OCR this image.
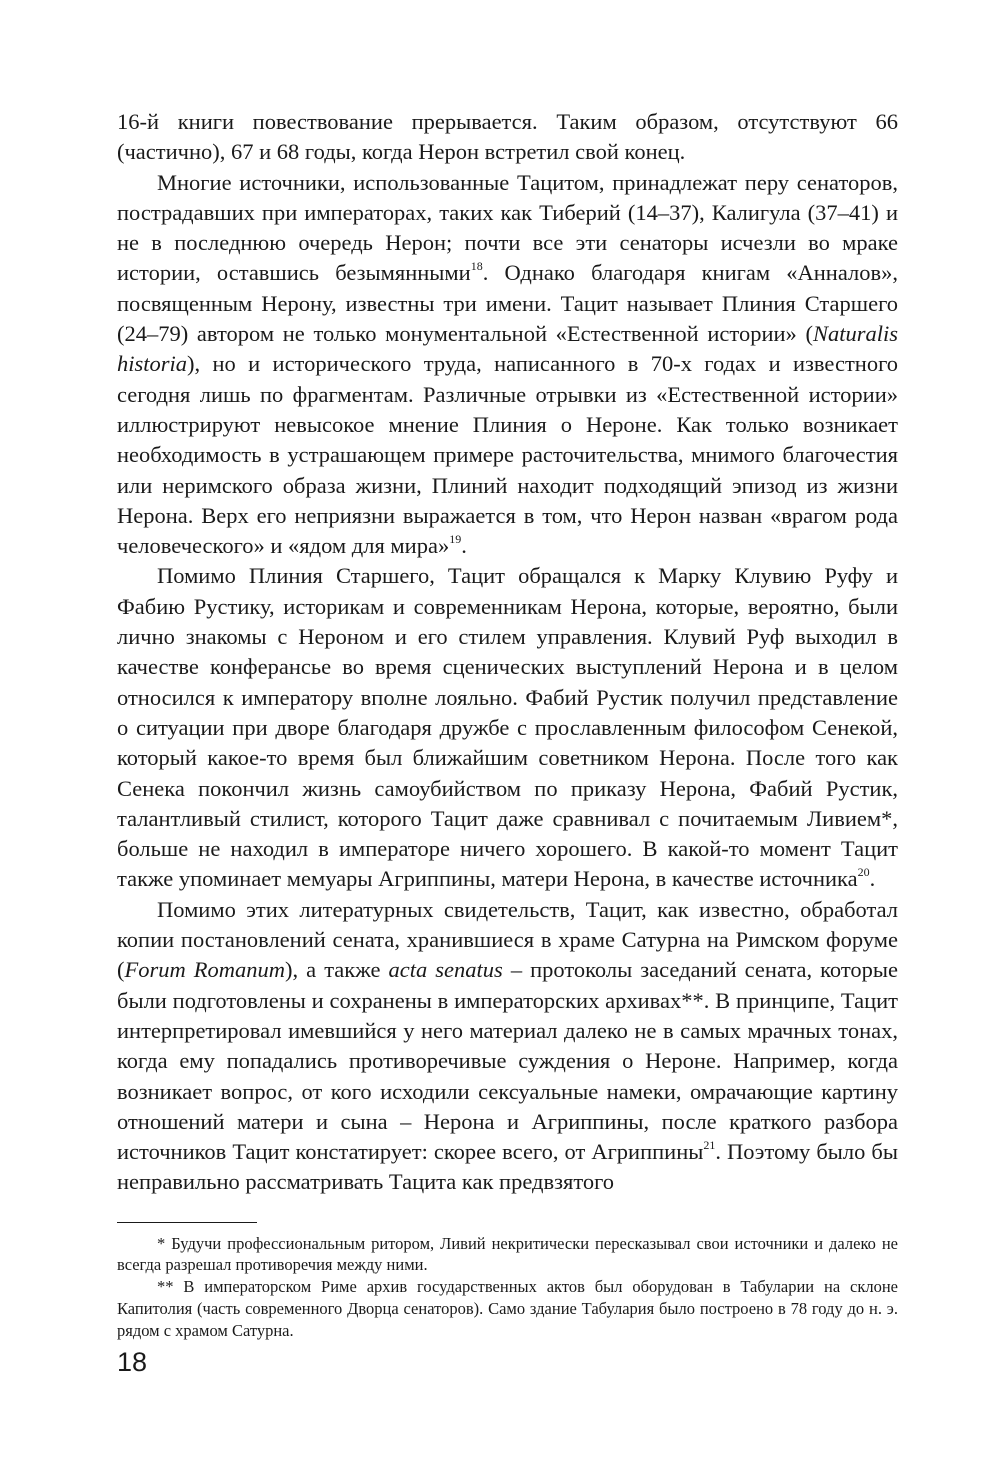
16-й книги повествование прерывается. Таким образом, отсутствуют 66 (частично), 67 и 68 годы, когда Нерон встретил свой конец.

Многие источники, использованные Тацитом, принадлежат перу сенаторов, пострадавших при императорах, таких как Тиберий (14–37), Калигула (37–41) и не в последнюю очередь Нерон; почти все эти сенаторы исчезли во мраке истории, оставшись безымянными$^{18}$. Однако благодаря книгам «Анналов», посвященным Нерону, известны три имени. Тацит называет Плиния Старшего (24–79) автором не только монументальной «Естественной истории» (Naturalis historia), но и исторического труда, написанного в 70-х годах и известного сегодня лишь по фрагментам. Различные отрывки из «Естественной истории» иллюстрируют невысокое мнение Плиния о Нероне. Как только возникает необходимость в устрашающем примере расточительства, мнимого благочестия или неримского образа жизни, Плиний находит подходящий эпизод из жизни Нерона. Верх его неприязни выражается в том, что Нерон назван «врагом рода человеческого» и «ядом для мира»$^{19}$.

Помимо Плиния Старшего, Тацит обращался к Марку Клувию Руфу и Фабию Рустику, историкам и современникам Нерона, которые, вероятно, были лично знакомы с Нероном и его стилем управления. Клувий Руф выходил в качестве конферансье во время сценических выступлений Нерона и в целом относился к императору вполне лояльно. Фабий Рустик получил представление о ситуации при дворе благодаря дружбе с прославленным философом Сенекой, который какое-то время был ближайшим советником Нерона. После того как Сенека покончил жизнь самоубийством по приказу Нерона, Фабий Рустик, талантливый стилист, которого Тацит даже сравнивал с почитаемым Ливием*, больше не находил в императоре ничего хорошего. В какой-то момент Тацит также упоминает мемуары Агриппины, матери Нерона, в качестве источника$^{20}$.

Помимо этих литературных свидетельств, Тацит, как известно, обработал копии постановлений сената, хранившиеся в храме Сатурна на Римском форуме (Forum Romanum), а также acta senatus – протоколы заседаний сената, которые были подготовлены и сохранены в императорских архивах**. В принципе, Тацит интерпретировал имевшийся у него материал далеко не в самых мрачных тонах, когда ему попадались противоречивые суждения о Нероне. Например, когда возникает вопрос, от кого исходили сексуальные намеки, омрачающие картину отношений матери и сына – Нерона и Агриппины, после краткого разбора источников Тацит констатирует: скорее всего, от Агриппины$^{21}$. Поэтому было бы неправильно рассматривать Тацита как предвзятого

* Будучи профессиональным ритором, Ливий некритически пересказывал свои источники и далеко не всегда разрешал противоречия между ними.

** В императорском Риме архив государственных актов был оборудован в Табуларии на склоне Капитолия (часть современного Дворца сенаторов). Само здание Табулария было построено в 78 году до н. э. рядом с храмом Сатурна.

18
